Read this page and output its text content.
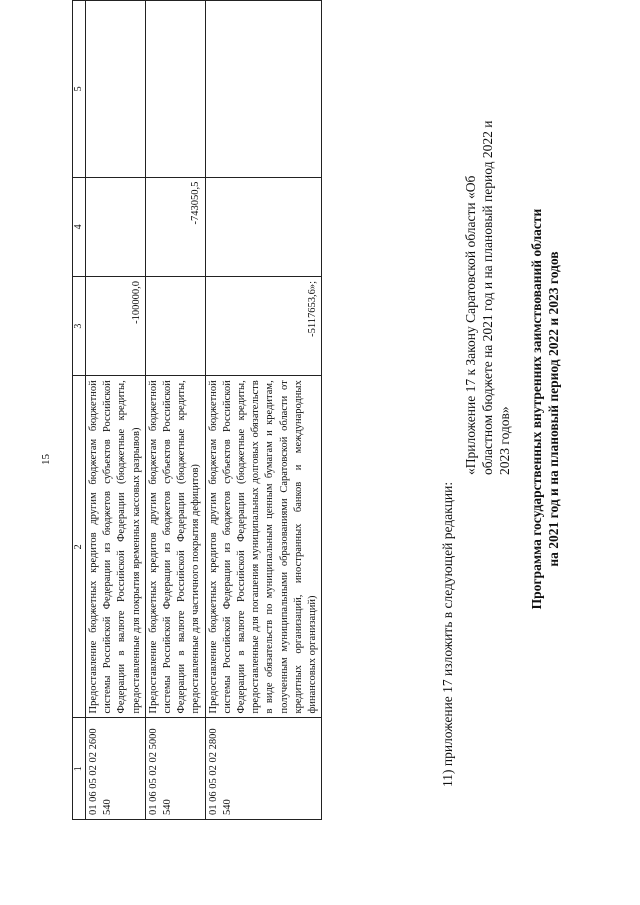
15
1	2	3	4	5
01 06 05 02 02 2600 540	Предоставление бюджетных кредитов другим бюджетам бюджетной системы Российской Федерации из бюджетов субъектов Российской Федерации в валюте Российской Федерации (бюджетные кредиты, предоставленные для покрытия временных кассовых разрывов)	-100000,0		
01 06 05 02 02 5000 540	Предоставление бюджетных кредитов другим бюджетам бюджетной системы Российской Федерации из бюджетов субъектов Российской Федерации в валюте Российской Федерации (бюджетные кредиты, предоставленные для частичного покрытия дефицитов)		-743050,5	
01 06 05 02 02 2800 540	Предоставление бюджетных кредитов другим бюджетам бюджетной системы Российской Федерации из бюджетов субъектов Российской Федерации в валюте Российской Федерации (бюджетные кредиты, предоставленные для погашения муниципальных долговых обязательств в виде обязательств по муниципальным ценным бумагам и кредитам, полученным муниципальными образованиями Саратовской области от кредитных организаций, иностранных банков и международных финансовых организаций)	-5117653,6»;		
11) приложение 17 изложить в следующей редакции:
«Приложение 17 к Закону Саратовской области «Об областном бюджете на 2021 год и на плановый период 2022 и 2023 годов» Программа государственных внутренних заимствований области на 2021 год и на плановый период 2022 и 2023 годов
